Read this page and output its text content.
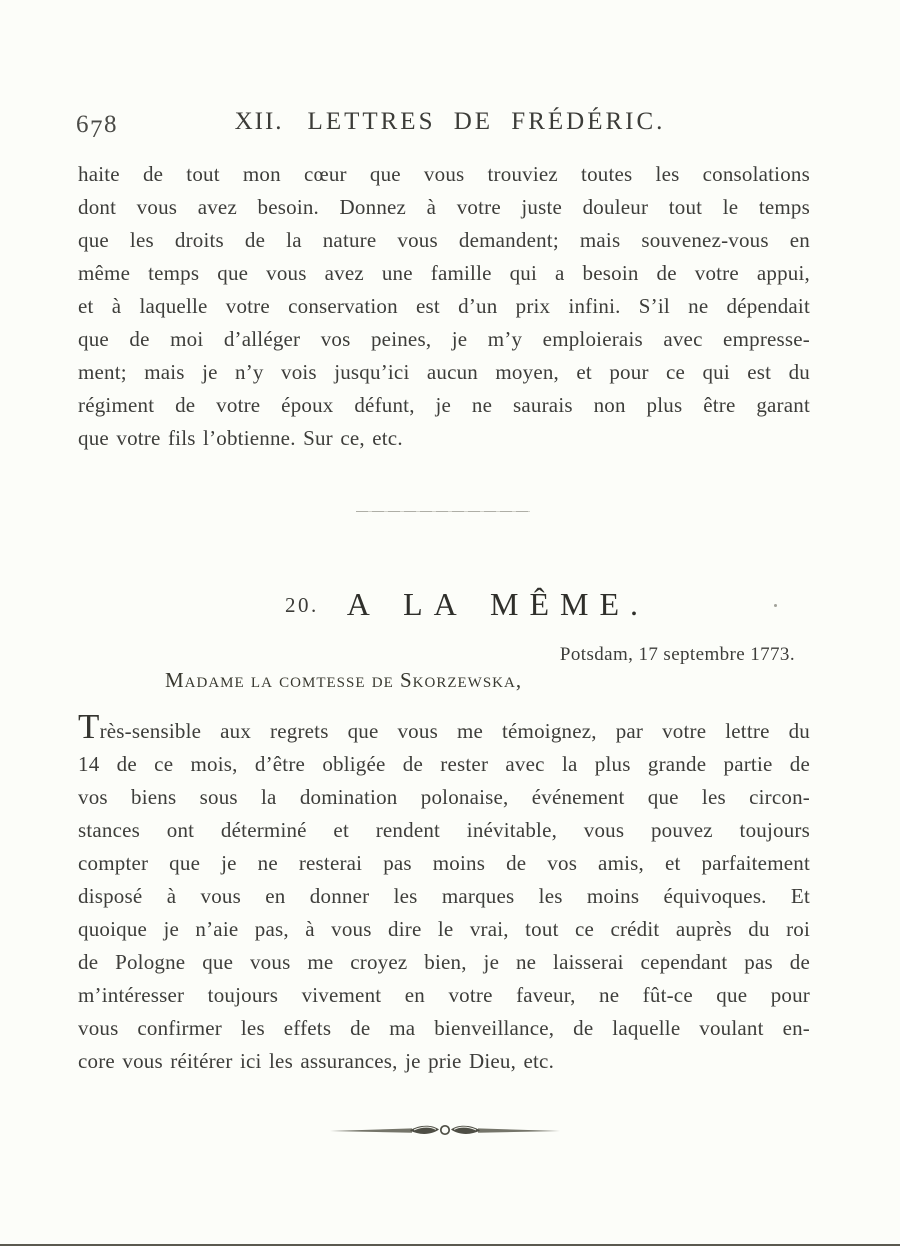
678	XII. LETTRES DE FRÉDÉRIC.
haite de tout mon cœur que vous trouviez toutes les consolations
dont vous avez besoin. Donnez à votre juste douleur tout le temps
que les droits de la nature vous demandent; mais souvenez-vous en
même temps que vous avez une famille qui a besoin de votre appui,
et à laquelle votre conservation est d’un prix infini. S’il ne dépendait
que de moi d’alléger vos peines, je m’y emploierais avec empresse-
ment; mais je n’y vois jusqu’ici aucun moyen, et pour ce qui est du
régiment de votre époux défunt, je ne saurais non plus être garant
que votre fils l’obtienne. Sur ce, etc.
20. A LA MÊME.
Potsdam, 17 septembre 1773.
Madame la comtesse de Skorzewska,
Très-sensible aux regrets que vous me témoignez, par votre lettre du
14 de ce mois, d’être obligée de rester avec la plus grande partie de
vos biens sous la domination polonaise, événement que les circon-
stances ont déterminé et rendent inévitable, vous pouvez toujours
compter que je ne resterai pas moins de vos amis, et parfaitement
disposé à vous en donner les marques les moins équivoques. Et
quoique je n’aie pas, à vous dire le vrai, tout ce crédit auprès du roi
de Pologne que vous me croyez bien, je ne laisserai cependant pas de
m’intéresser toujours vivement en votre faveur, ne fût-ce que pour
vous confirmer les effets de ma bienveillance, de laquelle voulant en-
core vous réitérer ici les assurances, je prie Dieu, etc.
